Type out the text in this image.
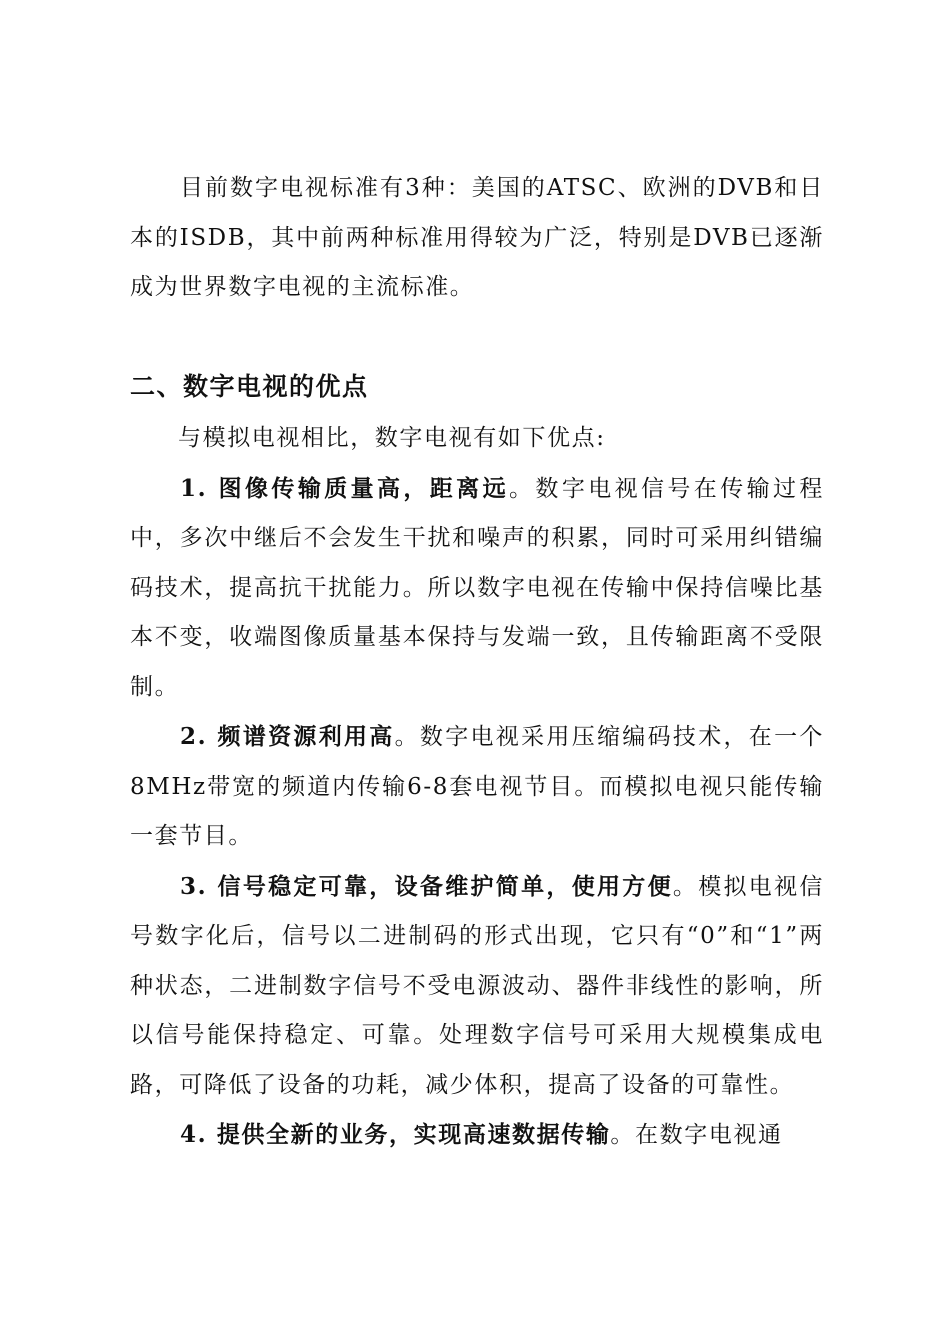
目前数字电视标准有3种：美国的ATSC、欧洲的DVB和日本的ISDB，其中前两种标准用得较为广泛，特别是DVB已逐渐成为世界数字电视的主流标准。

二、数字电视的优点

与模拟电视相比，数字电视有如下优点:

1. 图像传输质量高，距离远。数字电视信号在传输过程中，多次中继后不会发生干扰和噪声的积累，同时可采用纠错编码技术，提高抗干扰能力。所以数字电视在传输中保持信噪比基本不变，收端图像质量基本保持与发端一致，且传输距离不受限制。

2. 频谱资源利用高。数字电视采用压缩编码技术，在一个8MHz带宽的频道内传输6-8套电视节目。而模拟电视只能传输一套节目。

3. 信号稳定可靠，设备维护简单，使用方便。模拟电视信号数字化后，信号以二进制码的形式出现，它只有“0”和“1”两种状态，二进制数字信号不受电源波动、器件非线性的影响，所以信号能保持稳定、可靠。处理数字信号可采用大规模集成电路，可降低了设备的功耗，减少体积，提高了设备的可靠性。

4. 提供全新的业务，实现高速数据传输。在数字电视通
